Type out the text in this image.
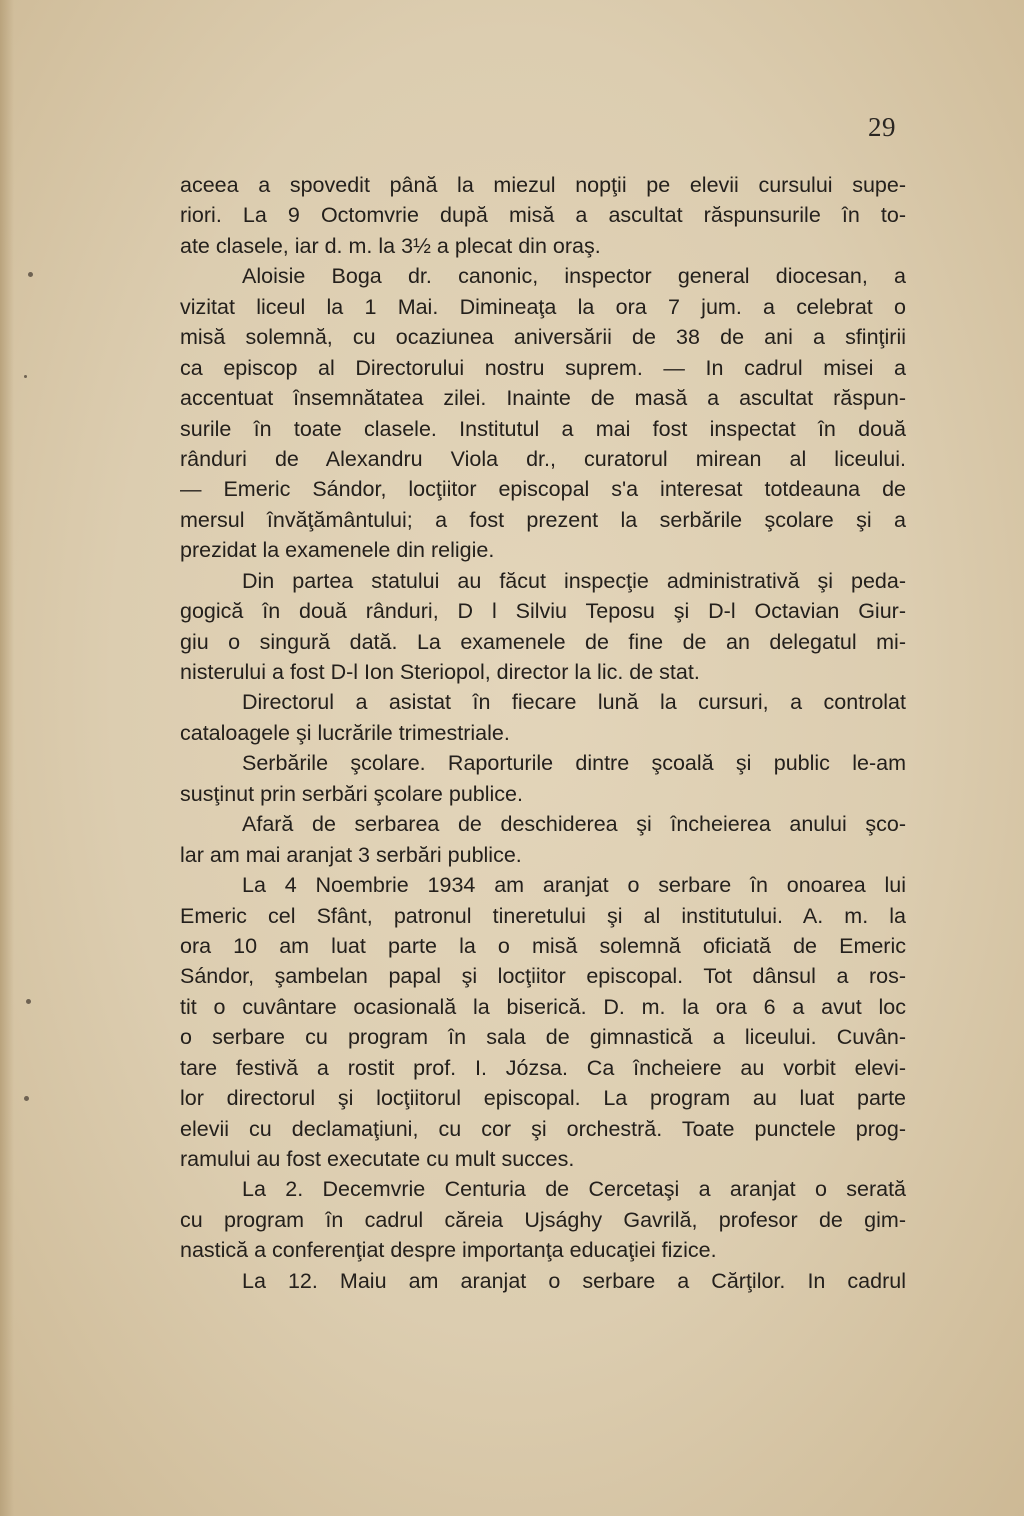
29
aceea a spovedit până la miezul nopţii pe elevii cursului supe-
riori. La 9 Octomvrie după misă a ascultat răspunsurile în to-
ate clasele, iar d. m. la 3½ a plecat din oraş.
Aloisie Boga dr. canonic, inspector general diocesan, a
vizitat liceul la 1 Mai. Dimineaţa la ora 7 jum. a celebrat o
misă solemnă, cu ocaziunea aniversării de 38 de ani a sfinţirii
ca episcop al Directorului nostru suprem. — In cadrul misei a
accentuat însemnătatea zilei. Inainte de masă a ascultat răspun-
surile în toate clasele. Institutul a mai fost inspectat în două
rânduri de Alexandru Viola dr., curatorul mirean al liceului.
— Emeric Sándor, locţiitor episcopal s'a interesat totdeauna de
mersul învăţământului; a fost prezent la serbările şcolare şi a
prezidat la examenele din religie.
Din partea statului au făcut inspecţie administrativă şi peda-
gogică în două rânduri, D l Silviu Teposu şi D-l Octavian Giur-
giu o singură dată. La examenele de fine de an delegatul mi-
nisterului a fost D-l Ion Steriopol, director la lic. de stat.
Directorul a asistat în fiecare lună la cursuri, a controlat
cataloagele şi lucrările trimestriale.
Serbările şcolare. Raporturile dintre şcoală şi public le-am
susţinut prin serbări şcolare publice.
Afară de serbarea de deschiderea şi încheierea anului şco-
lar am mai aranjat 3 serbări publice.
La 4 Noembrie 1934 am aranjat o serbare în onoarea lui
Emeric cel Sfânt, patronul tineretului şi al institutului. A. m. la
ora 10 am luat parte la o misă solemnă oficiată de Emeric
Sándor, şambelan papal şi locţiitor episcopal. Tot dânsul a ros-
tit o cuvântare ocasională la biserică. D. m. la ora 6 a avut loc
o serbare cu program în sala de gimnastică a liceului. Cuvân-
tare festivă a rostit prof. I. Józsa. Ca încheiere au vorbit elevi-
lor directorul şi locţiitorul episcopal. La program au luat parte
elevii cu declamaţiuni, cu cor şi orchestră. Toate punctele prog-
ramului au fost executate cu mult succes.
La 2. Decemvrie Centuria de Cercetaşi a aranjat o serată
cu program în cadrul căreia Ujsághy Gavrilă, profesor de gim-
nastică a conferenţiat despre importanţa educaţiei fizice.
La 12. Maiu am aranjat o serbare a Cărţilor. In cadrul
